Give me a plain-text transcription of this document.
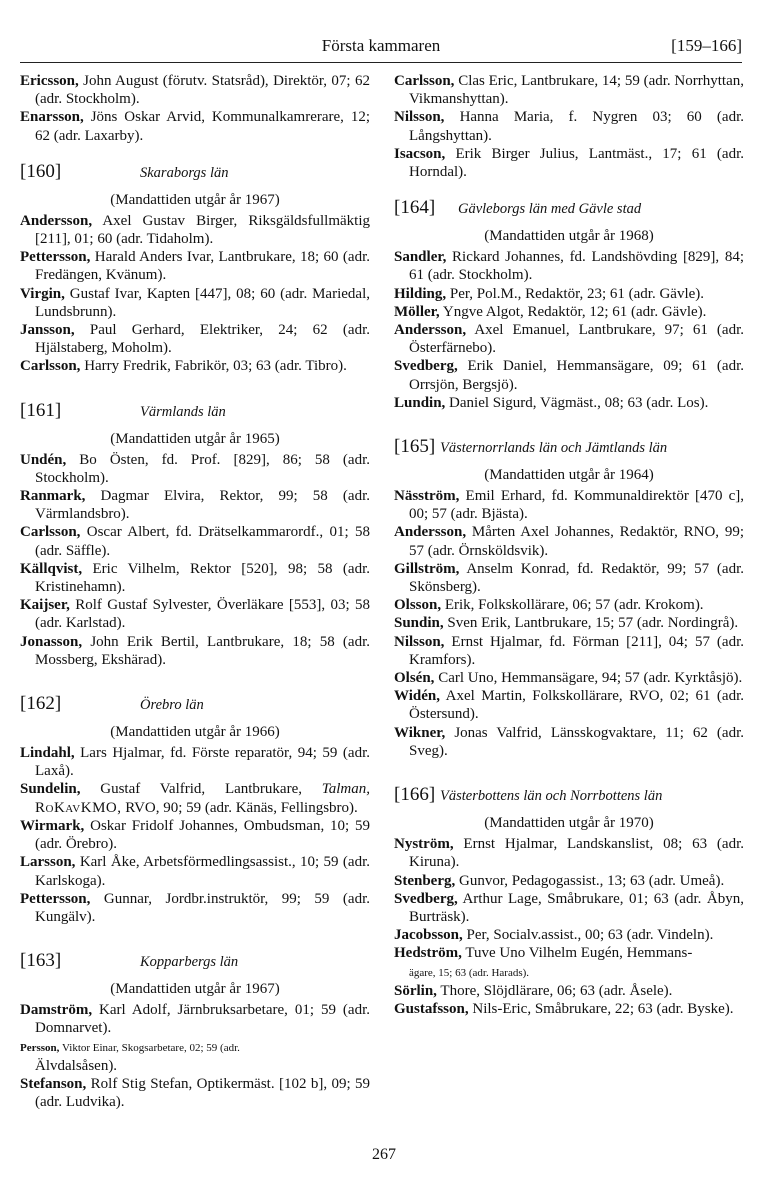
Första kammaren	[159–166]

Ericsson, John August (förutv. Statsråd), Direktör, 07; 62 (adr. Stockholm).

Enarsson, Jöns Oskar Arvid, Kommunalkamrerare, 12; 62 (adr. Laxarby).

[160]	Skaraborgs län
(Mandattiden utgår år 1967)

Andersson, Axel Gustav Birger, Riksgäldsfullmäktig [211], 01; 60 (adr. Tidaholm).

Pettersson, Harald Anders Ivar, Lantbrukare, 18; 60 (adr. Fredängen, Kvänum).

Virgin, Gustaf Ivar, Kapten [447], 08; 60 (adr. Mariedal, Lundsbrunn).

Jansson, Paul Gerhard, Elektriker, 24; 62 (adr. Hjälstaberg, Moholm).

Carlsson, Harry Fredrik, Fabrikör, 03; 63 (adr. Tibro).

[161]	Värmlands län
(Mandattiden utgår år 1965)

Undén, Bo Östen, fd. Prof. [829], 86; 58 (adr. Stockholm).

Ranmark, Dagmar Elvira, Rektor, 99; 58 (adr. Värmlandsbro).

Carlsson, Oscar Albert, fd. Drätselkammarordf., 01; 58 (adr. Säffle).

Källqvist, Eric Vilhelm, Rektor [520], 98; 58 (adr. Kristinehamn).

Kaijser, Rolf Gustaf Sylvester, Överläkare [553], 03; 58 (adr. Karlstad).

Jonasson, John Erik Bertil, Lantbrukare, 18; 58 (adr. Mossberg, Ekshärad).

[162]	Örebro län
(Mandattiden utgår år 1966)

Lindahl, Lars Hjalmar, fd. Förste reparatör, 94; 59 (adr. Laxå).

Sundelin, Gustaf Valfrid, Lantbrukare, Talman, RoKavKMO, RVO, 90; 59 (adr. Känäs, Fellingsbro).

Wirmark, Oskar Fridolf Johannes, Ombudsman, 10; 59 (adr. Örebro).

Larsson, Karl Åke, Arbetsförmedlingsassist., 10; 59 (adr. Karlskoga).

Pettersson, Gunnar, Jordbr.instruktör, 99; 59 (adr. Kungälv).

[163]	Kopparbergs län
(Mandattiden utgår år 1967)

Damström, Karl Adolf, Järnbruksarbetare, 01; 59 (adr. Domnarvet).

Persson, Viktor Einar, Skogsarbetare, 02; 59 (adr.
Älvdalsåsen).

Stefanson, Rolf Stig Stefan, Optikermäst. [102 b], 09; 59 (adr. Ludvika).

Carlsson, Clas Eric, Lantbrukare, 14; 59 (adr. Norrhyttan, Vikmanshyttan).

Nilsson, Hanna Maria, f. Nygren 03; 60 (adr. Långshyttan).

Isacson, Erik Birger Julius, Lantmäst., 17; 61 (adr. Horndal).

[164]	Gävleborgs län med Gävle stad
(Mandattiden utgår år 1968)

Sandler, Rickard Johannes, fd. Landshövding [829], 84; 61 (adr. Stockholm).

Hilding, Per, Pol.M., Redaktör, 23; 61 (adr. Gävle).

Möller, Yngve Algot, Redaktör, 12; 61 (adr. Gävle).

Andersson, Axel Emanuel, Lantbrukare, 97; 61 (adr. Österfärnebo).

Svedberg, Erik Daniel, Hemmansägare, 09; 61 (adr. Orrsjön, Bergsjö).

Lundin, Daniel Sigurd, Vägmäst., 08; 63 (adr. Los).

[165] Västernorrlands län och Jämtlands län
(Mandattiden utgår år 1964)

Näsström, Emil Erhard, fd. Kommunaldirektör [470 c], 00; 57 (adr. Bjästa).

Andersson, Mårten Axel Johannes, Redaktör, RNO, 99; 57 (adr. Örnsköldsvik).

Gillström, Anselm Konrad, fd. Redaktör, 99; 57 (adr. Skönsberg).

Olsson, Erik, Folkskollärare, 06; 57 (adr. Krokom).

Sundin, Sven Erik, Lantbrukare, 15; 57 (adr. Nordingrå).

Nilsson, Ernst Hjalmar, fd. Förman [211], 04; 57 (adr. Kramfors).

Olsén, Carl Uno, Hemmansägare, 94; 57 (adr. Kyrktåsjö).

Widén, Axel Martin, Folkskollärare, RVO, 02; 61 (adr. Östersund).

Wikner, Jonas Valfrid, Länsskogvaktare, 11; 62 (adr. Sveg).

[166] Västerbottens län och Norrbottens län
(Mandattiden utgår år 1970)

Nyström, Ernst Hjalmar, Landskanslist, 08; 63 (adr. Kiruna).

Stenberg, Gunvor, Pedagogassist., 13; 63 (adr. Umeå).

Svedberg, Arthur Lage, Småbrukare, 01; 63 (adr. Åbyn, Burträsk).

Jacobsson, Per, Socialv.assist., 00; 63 (adr. Vindeln).

Hedström, Tuve Uno Vilhelm Eugén, Hemmans-
ägare, 15; 63 (adr. Harads).

Sörlin, Thore, Slöjdlärare, 06; 63 (adr. Åsele).

Gustafsson, Nils-Eric, Småbrukare, 22; 63 (adr. Byske).

267
